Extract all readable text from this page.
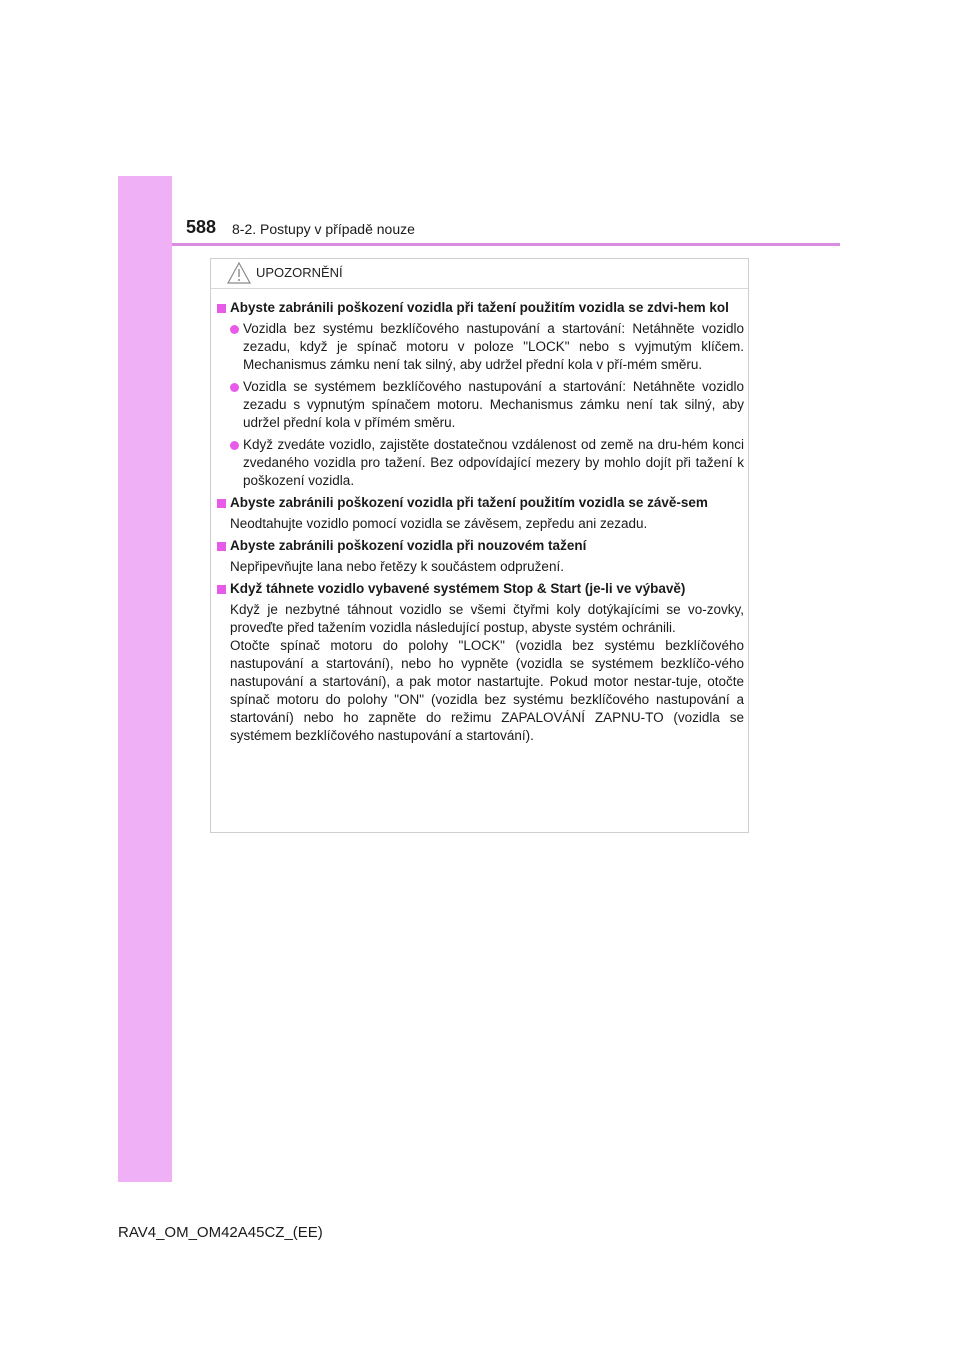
588 8-2. Postupy v případě nouze
UPOZORNĚNÍ
Abyste zabránili poškození vozidla při tažení použitím vozidla se zdvi-hem kol
Vozidla bez systému bezklíčového nastupování a startování: Netáhněte vozidlo zezadu, když je spínač motoru v poloze "LOCK" nebo s vyjmutým klíčem. Mechanismus zámku není tak silný, aby udržel přední kola v pří-mém směru.
Vozidla se systémem bezklíčového nastupování a startování: Netáhněte vozidlo zezadu s vypnutým spínačem motoru. Mechanismus zámku není tak silný, aby udržel přední kola v přímém směru.
Když zvedáte vozidlo, zajistěte dostatečnou vzdálenost od země na dru-hém konci zvedaného vozidla pro tažení. Bez odpovídající mezery by mohlo dojít při tažení k poškození vozidla.
Abyste zabránili poškození vozidla při tažení použitím vozidla se závě-sem
Neodtahujte vozidlo pomocí vozidla se závěsem, zepředu ani zezadu.
Abyste zabránili poškození vozidla při nouzovém tažení
Nepřipevňujte lana nebo řetězy k součástem odpružení.
Když táhnete vozidlo vybavené systémem Stop & Start (je-li ve výbavě)
Když je nezbytné táhnout vozidlo se všemi čtyřmi koly dotýkajícími se vo-zovky, proveďte před tažením vozidla následující postup, abyste systém ochránili.
Otočte spínač motoru do polohy "LOCK" (vozidla bez systému bezklíčového nastupování a startování), nebo ho vypněte (vozidla se systémem bezklíčo-vého nastupování a startování), a pak motor nastartujte. Pokud motor nestar-tuje, otočte spínač motoru do polohy "ON" (vozidla bez systému bezklíčového nastupování a startování) nebo ho zapněte do režimu ZAPALOVÁNÍ ZAPNU-TO (vozidla se systémem bezklíčového nastupování a startování).
RAV4_OM_OM42A45CZ_(EE)
